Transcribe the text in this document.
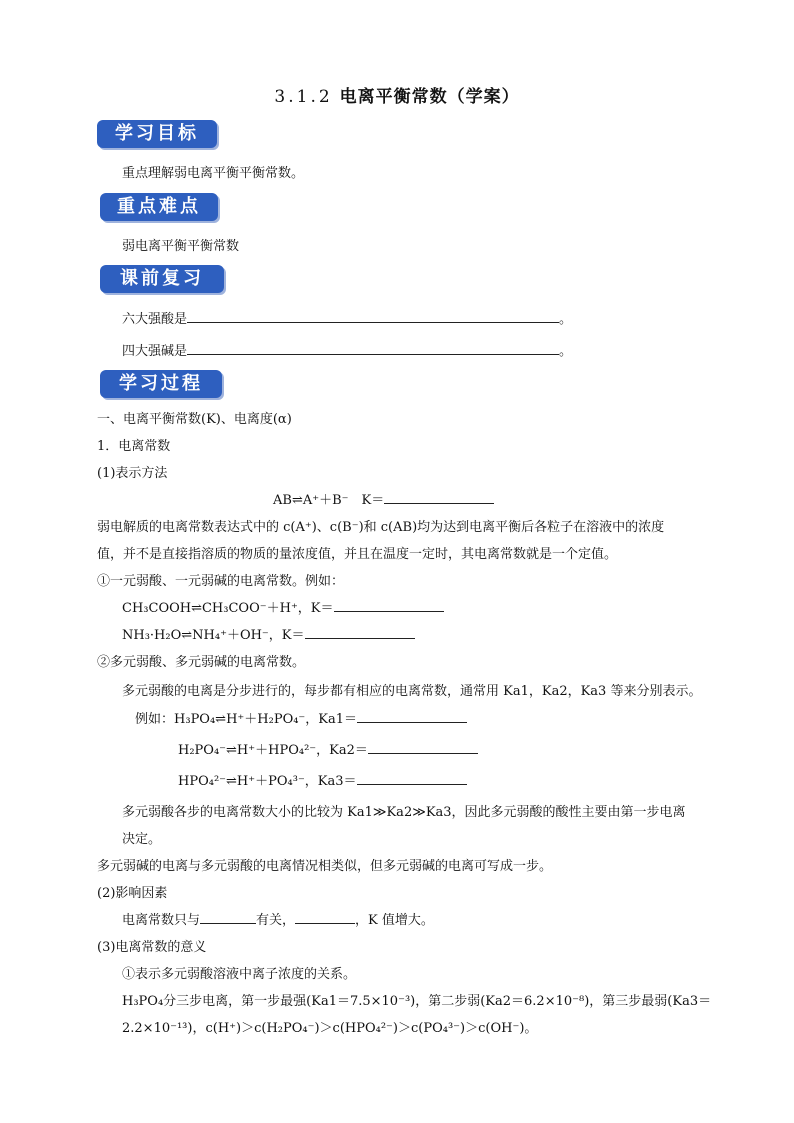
3.1.2 电离平衡常数（学案）
学习目标
重点理解弱电离平衡平衡常数。
重点难点
弱电离平衡平衡常数
课前复习
六大强酸是	。
四大强碱是	。
学习过程
一、电离平衡常数(K)、电离度(α)
1．电离常数
(1)表示方法
AB⇌A⁺＋B⁻　K＝
弱电解质的电离常数表达式中的 c(A⁺)、c(B⁻)和 c(AB)均为达到电离平衡后各粒子在溶液中的浓度
值，并不是直接指溶质的物质的量浓度值，并且在温度一定时，其电离常数就是一个定值。
①一元弱酸、一元弱碱的电离常数。例如：
CH₃COOH⇌CH₃COO⁻＋H⁺，K＝
NH₃·H₂O⇌NH₄⁺＋OH⁻，K＝
②多元弱酸、多元弱碱的电离常数。
多元弱酸的电离是分步进行的，每步都有相应的电离常数，通常用 Ka1，Ka2，Ka3 等来分别表示。
例如：H₃PO₄⇌H⁺＋H₂PO₄⁻，Ka1＝
H₂PO₄⁻⇌H⁺＋HPO₄²⁻，Ka2＝
HPO₄²⁻⇌H⁺＋PO₄³⁻，Ka3＝
多元弱酸各步的电离常数大小的比较为 Ka1≫Ka2≫Ka3，因此多元弱酸的酸性主要由第一步电离
决定。
多元弱碱的电离与多元弱酸的电离情况相类似，但多元弱碱的电离可写成一步。
(2)影响因素
电离常数只与	有关，	，K 值增大。
(3)电离常数的意义
①表示多元弱酸溶液中离子浓度的关系。
H₃PO₄分三步电离，第一步最强(Ka1＝7.5×10⁻³)，第二步弱(Ka2＝6.2×10⁻⁸)，第三步最弱(Ka3＝
2.2×10⁻¹³)，c(H⁺)＞c(H₂PO₄⁻)＞c(HPO₄²⁻)＞c(PO₄³⁻)＞c(OH⁻)。
